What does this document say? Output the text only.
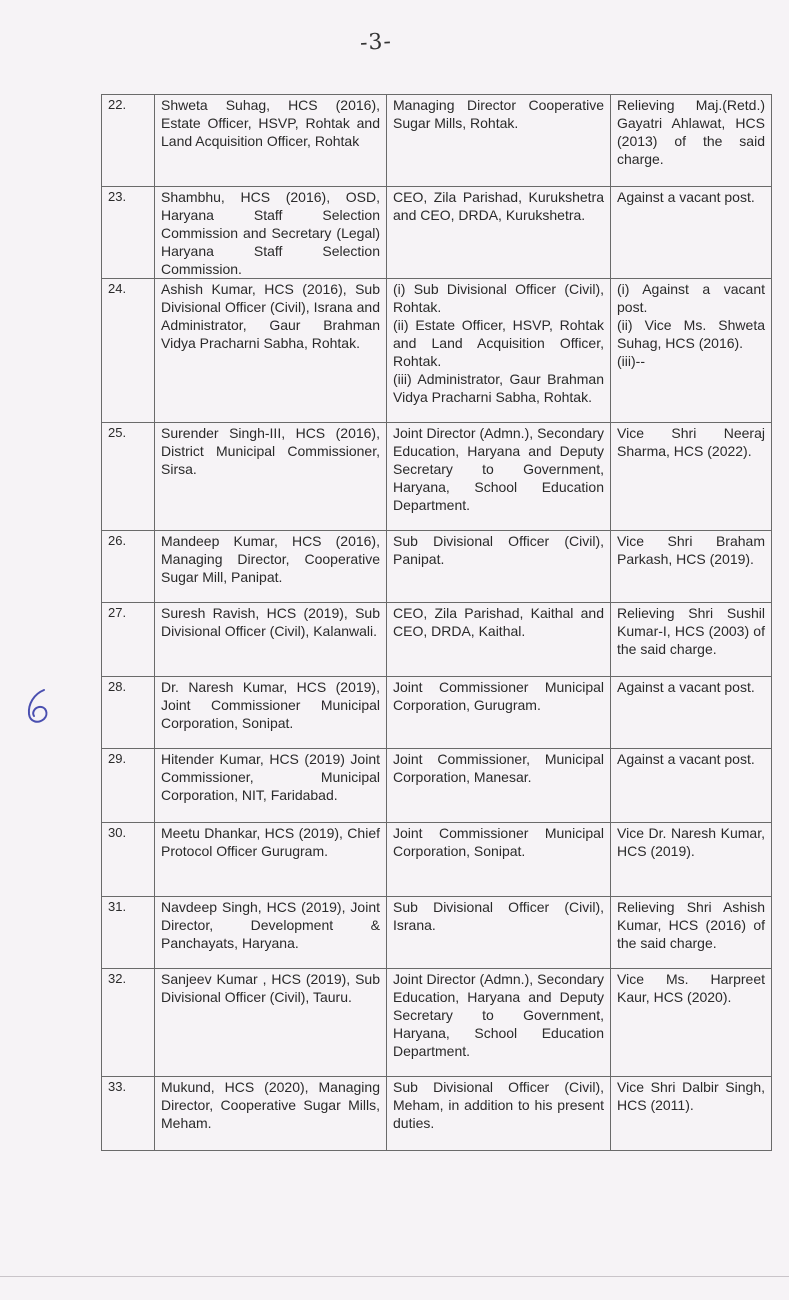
-3-
22.	Shweta Suhag, HCS (2016), Estate Officer, HSVP, Rohtak and Land Acquisition Officer, Rohtak	Managing Director Cooperative Sugar Mills, Rohtak.	Relieving Maj.(Retd.) Gayatri Ahlawat, HCS (2013) of the said charge.

23.	Shambhu, HCS (2016), OSD, Haryana Staff Selection Commission and Secretary (Legal) Haryana Staff Selection Commission.	CEO, Zila Parishad, Kurukshetra and CEO, DRDA, Kurukshetra.	Against a vacant post.

24.	Ashish Kumar, HCS (2016), Sub Divisional Officer (Civil), Israna and Administrator, Gaur Brahman Vidya Pracharni Sabha, Rohtak.	(i) Sub Divisional Officer (Civil), Rohtak.
(ii) Estate Officer, HSVP, Rohtak and Land Acquisition Officer, Rohtak.
(iii) Administrator, Gaur Brahman Vidya Pracharni Sabha, Rohtak.	(i) Against a vacant post.
(ii) Vice Ms. Shweta Suhag, HCS (2016).
(iii)--

25.	Surender Singh-III, HCS (2016), District Municipal Commissioner, Sirsa.	Joint Director (Admn.), Secondary Education, Haryana and Deputy Secretary to Government, Haryana, School Education Department.	Vice Shri Neeraj Sharma, HCS (2022).

26.	Mandeep Kumar, HCS (2016), Managing Director, Cooperative Sugar Mill, Panipat.	Sub Divisional Officer (Civil), Panipat.	Vice Shri Braham Parkash, HCS (2019).

27.	Suresh Ravish, HCS (2019), Sub Divisional Officer (Civil), Kalanwali.	CEO, Zila Parishad, Kaithal and CEO, DRDA, Kaithal.	Relieving Shri Sushil Kumar-I, HCS (2003) of the said charge.

28.	Dr. Naresh Kumar, HCS (2019), Joint Commissioner Municipal Corporation, Sonipat.	Joint Commissioner Municipal Corporation, Gurugram.	Against a vacant post.

29.	Hitender Kumar, HCS (2019) Joint Commissioner, Municipal Corporation, NIT, Faridabad.	Joint Commissioner, Municipal Corporation, Manesar.	Against a vacant post.

30.	Meetu Dhankar, HCS (2019), Chief Protocol Officer Gurugram.	Joint Commissioner Municipal Corporation, Sonipat.	Vice Dr. Naresh Kumar, HCS (2019).

31.	Navdeep Singh, HCS (2019), Joint Director, Development & Panchayats, Haryana.	Sub Divisional Officer (Civil), Israna.	Relieving Shri Ashish Kumar, HCS (2016) of the said charge.

32.	Sanjeev Kumar , HCS (2019), Sub Divisional Officer (Civil), Tauru.	Joint Director (Admn.), Secondary Education, Haryana and Deputy Secretary to Government, Haryana, School Education Department.	Vice Ms. Harpreet Kaur, HCS (2020).

33.	Mukund, HCS (2020), Managing Director, Cooperative Sugar Mills, Meham.	Sub Divisional Officer (Civil), Meham, in addition to his present duties.	Vice Shri Dalbir Singh, HCS (2011).
